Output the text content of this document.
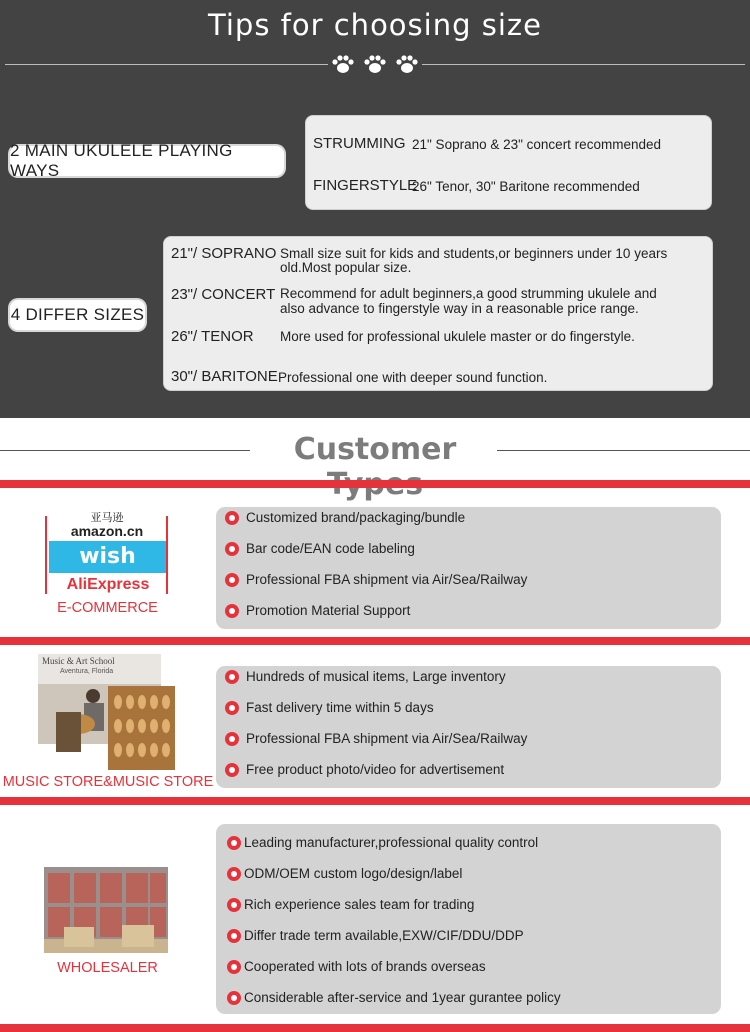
Tips for choosing size
2 MAIN UKULELE PLAYING WAYS
STRUMMING 21" Soprano & 23" concert recommended
FINGERSTYLE
26" Tenor, 30" Baritone recommended
4 DIFFER SIZES
21"/ SOPRANO Small size suit for kids and students,or beginners under 10 years
old.Most popular size.
23"/ CONCERT Recommend for adult beginners,a good strumming ukulele and
also advance to fingerstyle way in a reasonable price range.
26"/ TENOR More used for professional ukulele master or do fingerstyle.
30"/ BARITONE Professional one with deeper sound function.
Customer
亚马逊
amazon.cn
wish
AliExpress
E-COMMERCE
Customized brand/packaging/bundle
Bar code/EAN code labeling
Professional FBA shipment via Air/Sea/Railway
Promotion Material Support
Music & Art School
Aventura, Florida
MUSIC STORE&MUSIC STORE
Hundreds of musical items, Large inventory
Fast delivery time within 5 days
Professional FBA shipment via Air/Sea/Railway
Free product photo/video for advertisement
WHOLESALER
Leading manufacturer,professional quality control
ODM/OEM custom logo/design/label
Rich experience sales team for trading
Differ trade term available,EXW/CIF/DDU/DDP
Cooperated with lots of brands overseas
Considerable after-service and 1year gurantee policy
